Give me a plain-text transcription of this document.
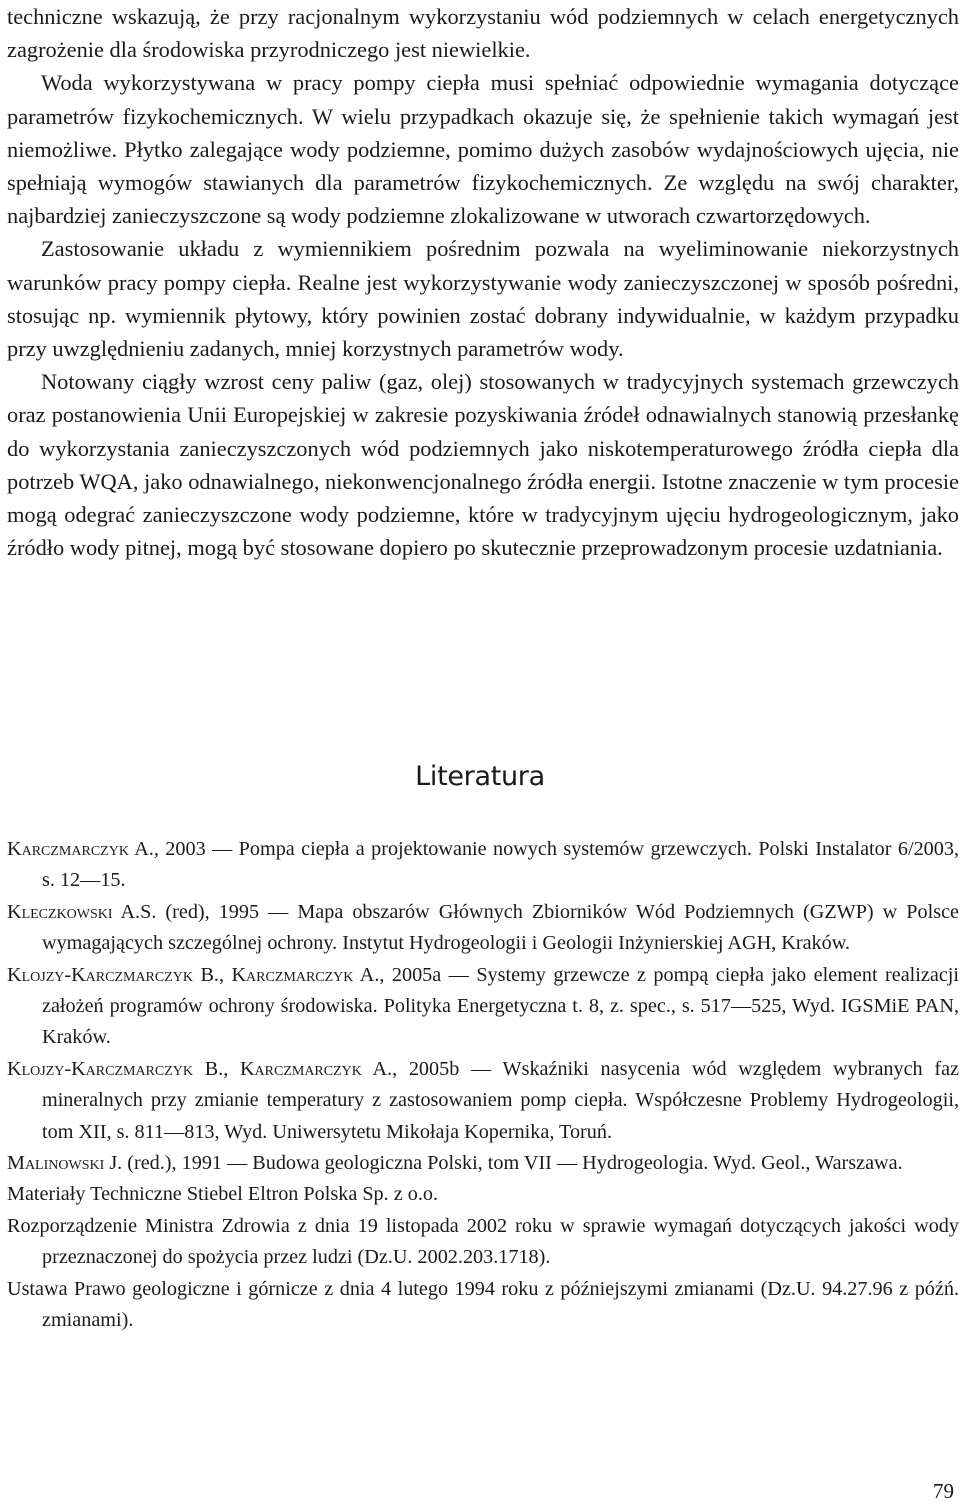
techniczne wskazują, że przy racjonalnym wykorzystaniu wód podziemnych w celach energetycznych zagrożenie dla środowiska przyrodniczego jest niewielkie.

Woda wykorzystywana w pracy pompy ciepła musi spełniać odpowiednie wymagania dotyczące parametrów fizykochemicznych. W wielu przypadkach okazuje się, że spełnienie takich wymagań jest niemożliwe. Płytko zalegające wody podziemne, pomimo dużych zasobów wydajnościowych ujęcia, nie spełniają wymogów stawianych dla parametrów fizykochemicznych. Ze względu na swój charakter, najbardziej zanieczyszczone są wody podziemne zlokalizowane w utworach czwartorzędowych.

Zastosowanie układu z wymiennikiem pośrednim pozwala na wyeliminowanie niekorzystnych warunków pracy pompy ciepła. Realne jest wykorzystywanie wody zanieczyszczonej w sposób pośredni, stosując np. wymiennik płytowy, który powinien zostać dobrany indywidualnie, w każdym przypadku przy uwzględnieniu zadanych, mniej korzystnych parametrów wody.

Notowany ciągły wzrost ceny paliw (gaz, olej) stosowanych w tradycyjnych systemach grzewczych oraz postanowienia Unii Europejskiej w zakresie pozyskiwania źródeł odnawialnych stanowią przesłankę do wykorzystania zanieczyszczonych wód podziemnych jako niskotemperaturowego źródła ciepła dla potrzeb WQA, jako odnawialnego, niekonwencjonalnego źródła energii. Istotne znaczenie w tym procesie mogą odegrać zanieczyszczone wody podziemne, które w tradycyjnym ujęciu hydrogeologicznym, jako źródło wody pitnej, mogą być stosowane dopiero po skutecznie przeprowadzonym procesie uzdatniania.

Literatura
Karczmarczyk A., 2003 — Pompa ciepła a projektowanie nowych systemów grzewczych. Polski Instalator 6/2003, s. 12—15.
Kleczkowski A.S. (red), 1995 — Mapa obszarów Głównych Zbiorników Wód Podziemnych (GZWP) w Polsce wymagających szczególnej ochrony. Instytut Hydrogeologii i Geologii Inżynierskiej AGH, Kraków.
Klojzy-Karczmarczyk B., Karczmarczyk A., 2005a — Systemy grzewcze z pompą ciepła jako element realizacji założeń programów ochrony środowiska. Polityka Energetyczna t. 8, z. spec., s. 517—525, Wyd. IGSMiE PAN, Kraków.
Klojzy-Karczmarczyk B., Karczmarczyk A., 2005b — Wskaźniki nasycenia wód względem wybranych faz mineralnych przy zmianie temperatury z zastosowaniem pomp ciepła. Współczesne Problemy Hydrogeologii, tom XII, s. 811—813, Wyd. Uniwersytetu Mikołaja Kopernika, Toruń.
Malinowski J. (red.), 1991 — Budowa geologiczna Polski, tom VII — Hydrogeologia. Wyd. Geol., Warszawa.
Materiały Techniczne Stiebel Eltron Polska Sp. z o.o.
Rozporządzenie Ministra Zdrowia z dnia 19 listopada 2002 roku w sprawie wymagań dotyczących jakości wody przeznaczonej do spożycia przez ludzi (Dz.U. 2002.203.1718).
Ustawa Prawo geologiczne i górnicze z dnia 4 lutego 1994 roku z późniejszymi zmianami (Dz.U. 94.27.96 z późń. zmianami).
79
